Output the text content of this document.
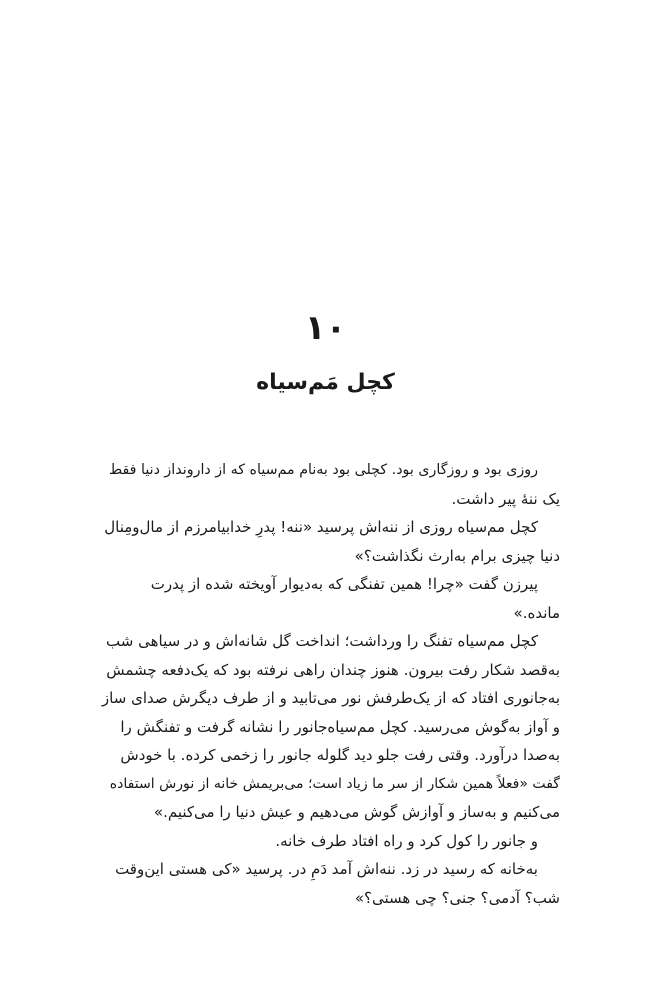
۱۰
کچل مَم‌سیاه

روزی بود و روزگاری بود. کچلی بود به‌نام مم‌سیاه که از دارونداز دنیا فقط
یک ننهٔ پیر داشت.

کچل مم‌سیاه روزی از ننه‌اش پرسید «ننه! پدرِ خدابیامرزم از مال‌ومِنال
دنیا چیزی برام به‌ارث نگذاشت؟»

پیرزن گفت «چرا! همین تفنگی که به‌دیوار آویخته شده از پدرت
مانده.»

کچل مم‌سیاه تفنگ را ورداشت؛ انداخت گل شانه‌اش و در سیاهی شب
به‌قصد شکار رفت بیرون. هنوز چندان راهی نرفته بود که یک‌دفعه چشمش
به‌جانوری افتاد که از یک‌طرفش نور می‌تابید و از طرف دیگرش صدای ساز
و آواز به‌گوش می‌رسید. کچل مم‌سیاه‌جانور را نشانه گرفت و تفنگش را
به‌صدا درآورد. وقتی رفت جلو دید گلوله جانور را زخمی کرده. با خودش
گفت «فعلاً همین شکار از سر ما زیاد است؛ می‌بریمش خانه از نورش استفاده
می‌کنیم و به‌ساز و آوازش گوش می‌دهیم و عیش دنیا را می‌کنیم.»

و جانور را کول کرد و راه افتاد طرف خانه.

به‌خانه که رسید در زد. ننه‌اش آمد دَمِ در. پرسید «کی هستی این‌وقت
شب؟ آدمی؟ جنی؟ چی هستی؟»
